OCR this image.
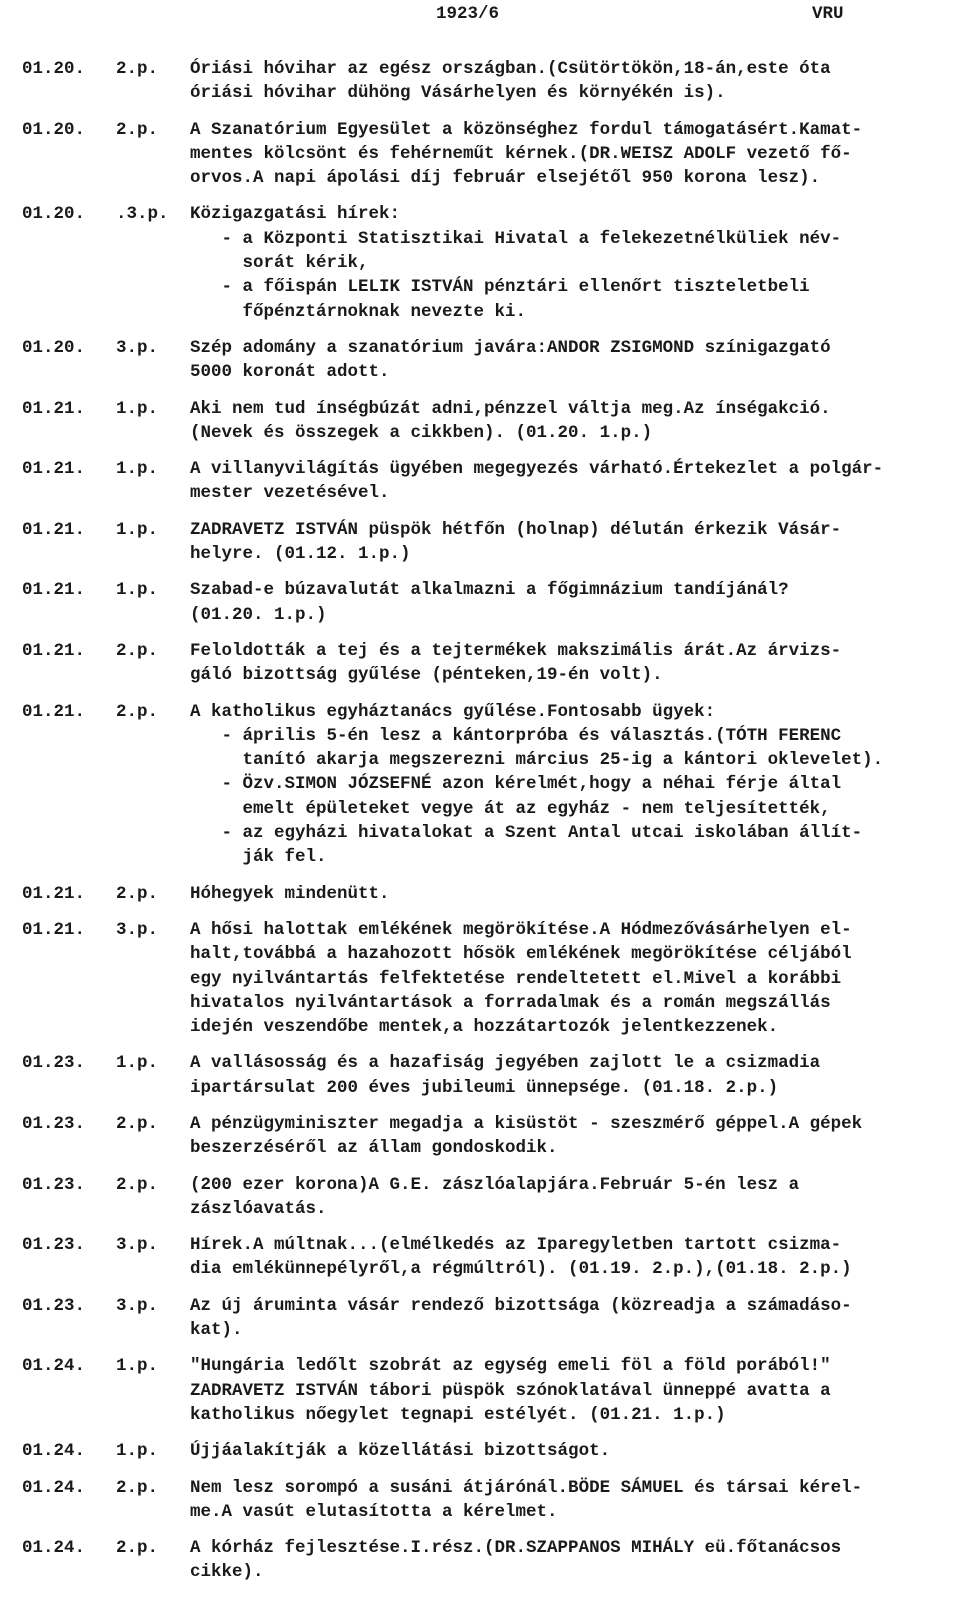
1923/6	VRU
01.20.	2.p.	Óriási hóvihar az egész országban.(Csütörtökön,18-án,este óta
óriási hóvihar dühöng Vásárhelyen és környékén is).
01.20.	2.p.	A Szanatórium Egyesület a közönséghez fordul támogatásért.Kamat-
mentes kölcsönt és fehérneműt kérnek.(DR.WEISZ ADOLF vezető fő-
orvos.A napi ápolási díj február elsejétől 950 korona lesz).
01.20.	.3.p.	Közigazgatási hírek:
- a Központi Statisztikai Hivatal a felekezetnélküliek név-
sorát kérik,
- a főispán LELIK ISTVÁN pénztári ellenőrt tiszteletbeli
főpénztárnoknak nevezte ki.
01.20.	3.p.	Szép adomány a szanatórium javára:ANDOR ZSIGMOND színigazgató
5000 koronát adott.
01.21.	1.p.	Aki nem tud ínségbúzát adni,pénzzel váltja meg.Az ínségakció.
(Nevek és összegek a cikkben). (01.20. 1.p.)
01.21.	1.p.	A villanyvilágítás ügyében megegyezés várható.Értekezlet a polgár-
mester vezetésével.
01.21.	1.p.	ZADRAVETZ ISTVÁN püspök hétfőn (holnap) délután érkezik Vásár-
helyre. (01.12. 1.p.)
01.21.	1.p.	Szabad-e búzavalutát alkalmazni a főgimnázium tandíjánál?
(01.20. 1.p.)
01.21.	2.p.	Feloldották a tej és a tejtermékek makszimális árát.Az árvizs-
gáló bizottság gyűlése (pénteken,19-én volt).
01.21.	2.p.	A katholikus egyháztanács gyűlése.Fontosabb ügyek:
- április 5-én lesz a kántorpróba és választás.(TÓTH FERENC
tanító akarja megszerezni március 25-ig a kántori oklevelet).
- Özv.SIMON JÓZSEFNÉ azon kérelmét,hogy a néhai férje által
emelt épületeket vegye át az egyház - nem teljesítették,
- az egyházi hivatalokat a Szent Antal utcai iskolában állít-
ják fel.
01.21.	2.p.	Hóhegyek mindenütt.
01.21.	3.p.	A hősi halottak emlékének megörökítése.A Hódmezővásárhelyen el-
halt,továbbá a hazahozott hősök emlékének megörökítése céljából
egy nyilvántartás felfektetése rendeltetett el.Mivel a korábbi
hivatalos nyilvántartások a forradalmak és a román megszállás
idején veszendőbe mentek,a hozzátartozók jelentkezzenek.
01.23.	1.p.	A vallásosság és a hazafiság jegyében zajlott le a csizmadia
ipartársulat 200 éves jubileumi ünnepsége. (01.18. 2.p.)
01.23.	2.p.	A pénzügyminiszter megadja a kisüstöt - szeszmérő géppel.A gépek
beszerzéséről az állam gondoskodik.
01.23.	2.p.	(200 ezer korona)A G.E. zászlóalapjára.Február 5-én lesz a
zászlóavatás.
01.23.	3.p.	Hírek.A múltnak...(elmélkedés az Iparegyletben tartott csizma-
dia emlékünnepélyről,a régmúltról). (01.19. 2.p.),(01.18. 2.p.)
01.23.	3.p.	Az új áruminta vásár rendező bizottsága (közreadja a számadáso-
kat).
01.24.	1.p.	"Hungária ledőlt szobrát az egység emeli föl a föld porából!"
ZADRAVETZ ISTVÁN tábori püspök szónoklatával ünneppé avatta a
katholikus nőegylet tegnapi estélyét. (01.21. 1.p.)
01.24.	1.p.	Újjáalakítják a közellátási bizottságot.
01.24.	2.p.	Nem lesz sorompó a susáni átjárónál.BÖDE SÁMUEL és társai kérel-
me.A vasút elutasította a kérelmet.
01.24.	2.p.	A kórház fejlesztése.I.rész.(DR.SZAPPANOS MIHÁLY eü.főtanácsos
cikke).
